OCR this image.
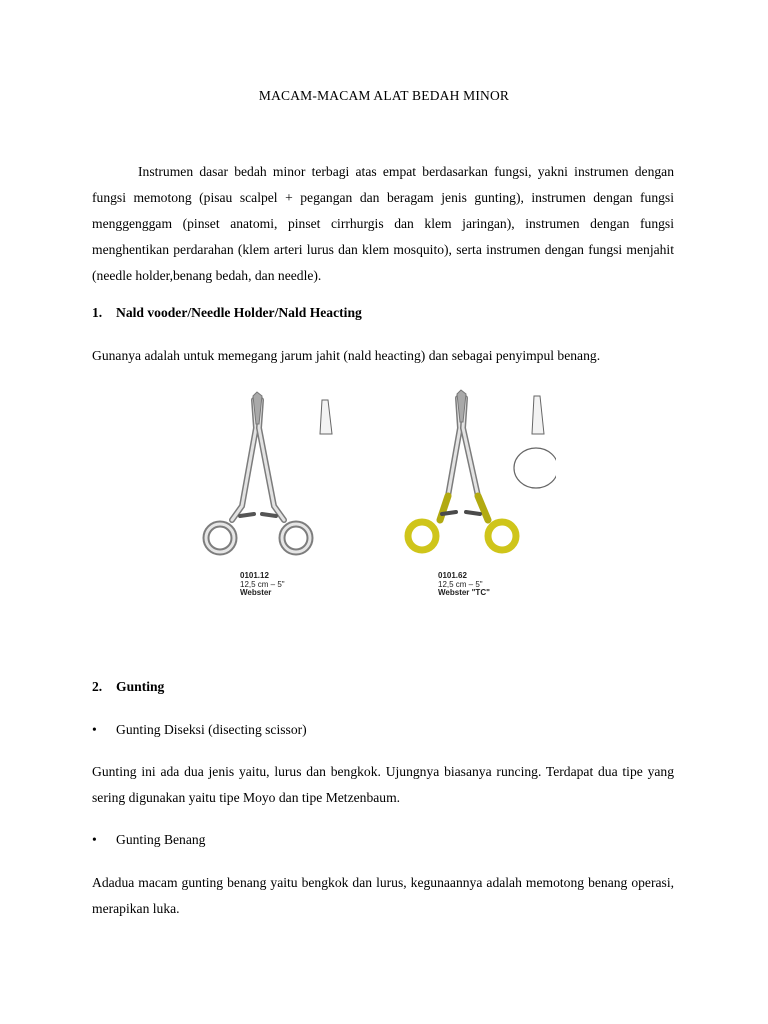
MACAM-MACAM ALAT BEDAH MINOR
Instrumen dasar bedah minor terbagi atas empat berdasarkan fungsi, yakni instrumen dengan fungsi memotong (pisau scalpel + pegangan dan beragam jenis gunting), instrumen dengan fungsi menggenggam (pinset anatomi, pinset cirrhurgis dan klem jaringan), instrumen dengan fungsi menghentikan perdarahan (klem arteri lurus dan klem mosquito), serta instrumen dengan fungsi menjahit (needle holder,benang bedah, dan needle).
1. Nald vooder/Needle Holder/Nald Heacting
Gunanya adalah untuk memegang jarum jahit (nald heacting) dan sebagai penyimpul benang.
0101.12
12,5 cm – 5"
Webster
0101.62
12,5 cm – 5"
Webster "TC"
2. Gunting
• Gunting Diseksi (disecting scissor)
Gunting ini ada dua jenis yaitu, lurus dan bengkok. Ujungnya biasanya runcing. Terdapat dua tipe yang sering digunakan yaitu tipe Moyo dan tipe Metzenbaum.
• Gunting Benang
Adadua macam gunting benang yaitu bengkok dan lurus, kegunaannya adalah memotong benang operasi, merapikan luka.
